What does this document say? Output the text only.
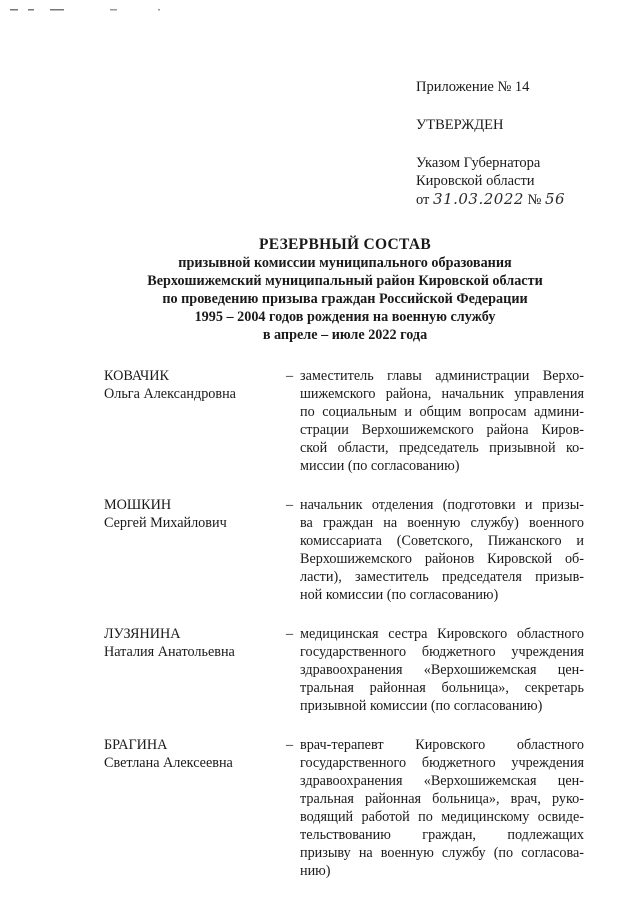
Приложение № 14
УТВЕРЖДЕН
Указом Губернатора
Кировской области
от 31.03.2022 № 56
РЕЗЕРВНЫЙ СОСТАВ
призывной комиссии муниципального образования
Верхошижемский муниципальный район Кировской области
по проведению призыва граждан Российской Федерации
1995 – 2004 годов рождения на военную службу
в апреле – июле 2022 года
КОВАЧИК
Ольга Александровна
– заместитель главы администрации Верхо-
шижемского района, начальник управления
по социальным и общим вопросам админи-
страции Верхошижемского района Киров-
ской области, председатель призывной ко-
миссии (по согласованию)
МОШКИН
Сергей Михайлович
– начальник отделения (подготовки и призы-
ва граждан на военную службу) военного
комиссариата (Советского, Пижанского и
Верхошижемского районов Кировской об-
ласти), заместитель председателя призыв-
ной комиссии (по согласованию)
ЛУЗЯНИНА
Наталия Анатольевна
– медицинская сестра Кировского областного
государственного бюджетного учреждения
здравоохранения «Верхошижемская цен-
тральная районная больница», секретарь
призывной комиссии (по согласованию)
БРАГИНА
Светлана Алексеевна
– врач-терапевт Кировского областного
государственного бюджетного учреждения
здравоохранения «Верхошижемская цен-
тральная районная больница», врач, руко-
водящий работой по медицинскому освиде-
тельствованию граждан, подлежащих
призыву на военную службу (по согласова-
нию)
